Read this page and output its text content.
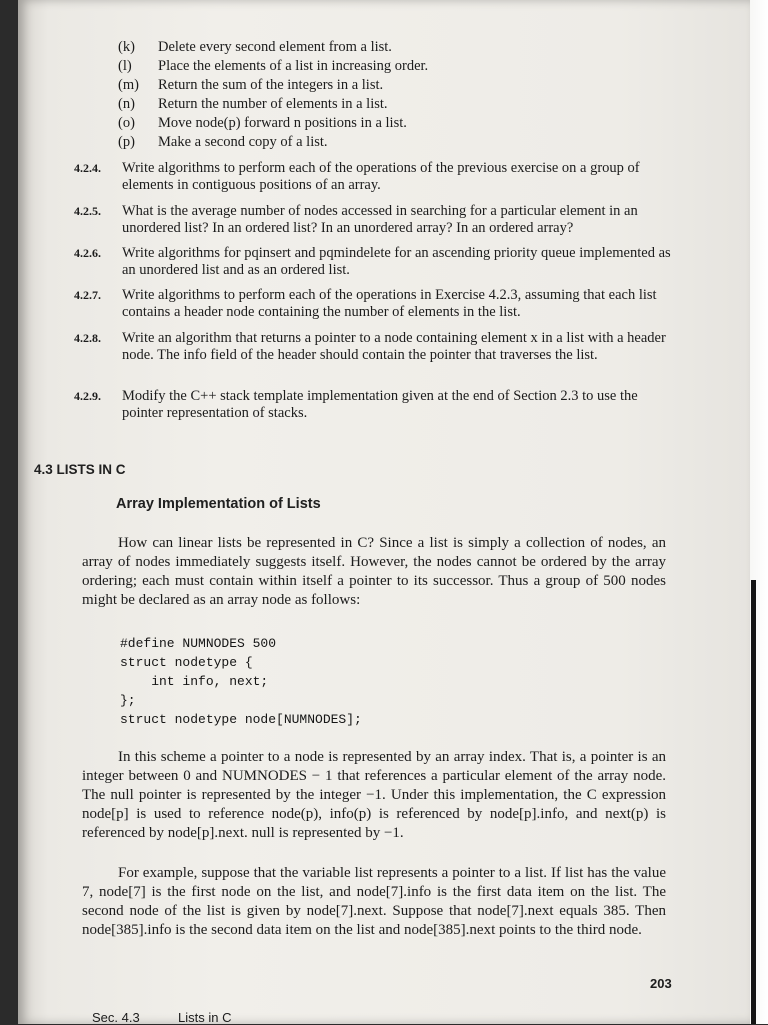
(k) Delete every second element from a list.
(l) Place the elements of a list in increasing order.
(m) Return the sum of the integers in a list.
(n) Return the number of elements in a list.
(o) Move node(p) forward n positions in a list.
(p) Make a second copy of a list.
4.2.4. Write algorithms to perform each of the operations of the previous exercise on a group of elements in contiguous positions of an array.
4.2.5. What is the average number of nodes accessed in searching for a particular element in an unordered list? In an ordered list? In an unordered array? In an ordered array?
4.2.6. Write algorithms for pqinsert and pqmindelete for an ascending priority queue implemented as an unordered list and as an ordered list.
4.2.7. Write algorithms to perform each of the operations in Exercise 4.2.3, assuming that each list contains a header node containing the number of elements in the list.
4.2.8. Write an algorithm that returns a pointer to a node containing element x in a list with a header node. The info field of the header should contain the pointer that traverses the list.
4.2.9. Modify the C++ stack template implementation given at the end of Section 2.3 to use the pointer representation of stacks.
4.3 LISTS IN C
Array Implementation of Lists
How can linear lists be represented in C? Since a list is simply a collection of nodes, an array of nodes immediately suggests itself. However, the nodes cannot be ordered by the array ordering; each must contain within itself a pointer to its successor. Thus a group of 500 nodes might be declared as an array node as follows:
#define NUMNODES 500
struct nodetype {
int info, next;
};
struct nodetype node[NUMNODES];
In this scheme a pointer to a node is represented by an array index. That is, a pointer is an integer between 0 and NUMNODES − 1 that references a particular element of the array node. The null pointer is represented by the integer −1. Under this implementation, the C expression node[p] is used to reference node(p), info(p) is referenced by node[p].info, and next(p) is referenced by node[p].next. null is represented by −1.
For example, suppose that the variable list represents a pointer to a list. If list has the value 7, node[7] is the first node on the list, and node[7].info is the first data item on the list. The second node of the list is given by node[7].next. Suppose that node[7].next equals 385. Then node[385].info is the second data item on the list and node[385].next points to the third node.
203
Sec. 4.3	Lists in C
